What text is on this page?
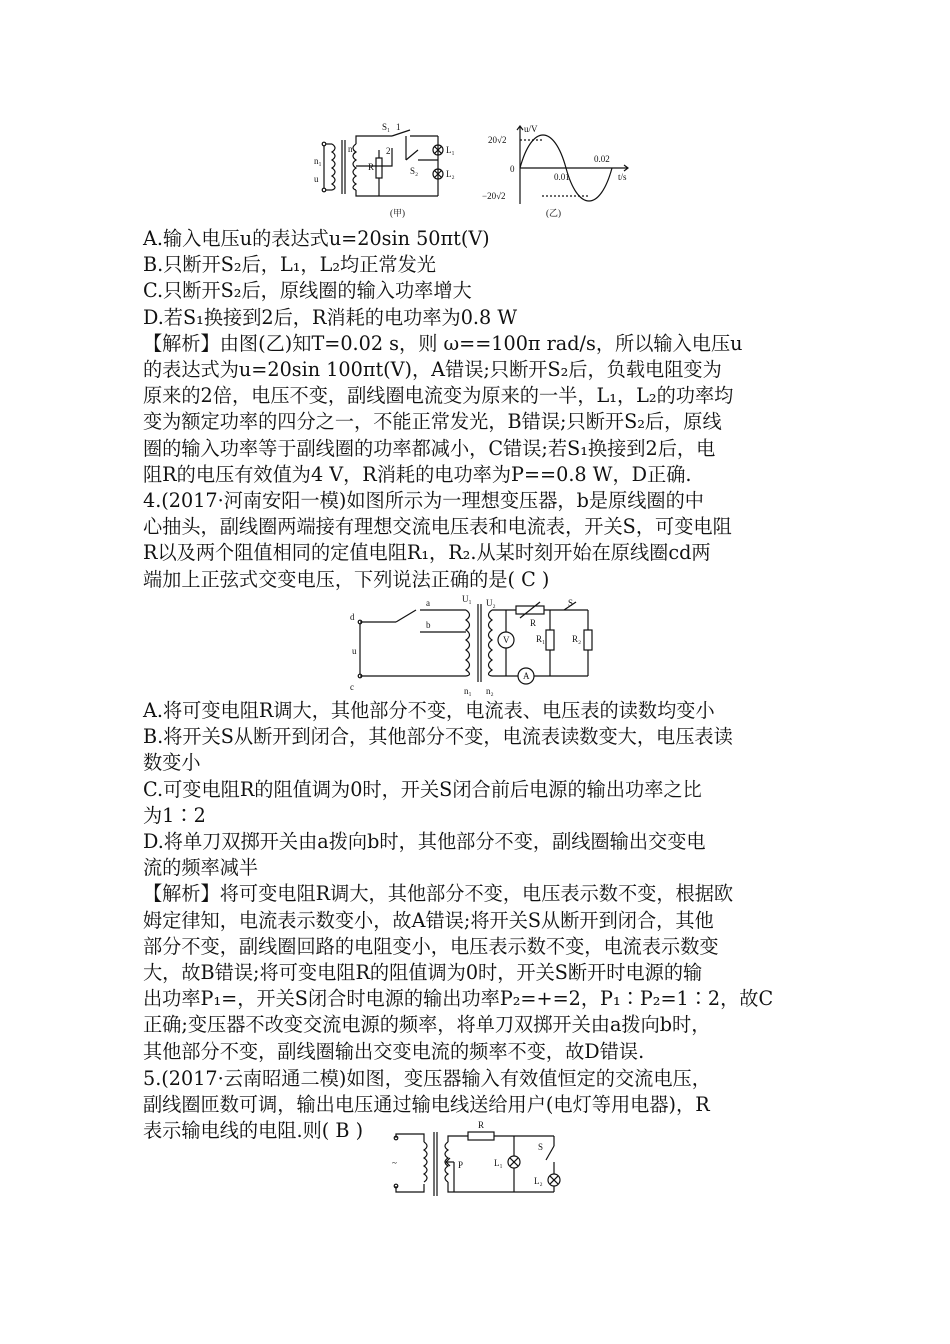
n₁
u
n₂
S₁ 1
2
R	S₂
L₁
L₂
u/V
t/s
20√2
−20√2
0
0.01
0.02
(甲)	(乙)

A.输入电压u的表达式u=20sin 50πt(V)

B.只断开S₂后，L₁，L₂均正常发光

C.只断开S₂后，原线圈的输入功率增大

D.若S₁换接到2后，R消耗的电功率为0.8 W

【解析】由图(乙)知T=0.02 s，则 ω==100π rad/s，所以输入电压u

的表达式为u=20sin 100πt(V)，A错误;只断开S₂后，负载电阻变为

原来的2倍，电压不变，副线圈电流变为原来的一半，L₁，L₂的功率均

变为额定功率的四分之一，不能正常发光，B错误;只断开S₂后，原线

圈的输入功率等于副线圈的功率都减小，C错误;若S₁换接到2后，电

阻R的电压有效值为4 V，R消耗的电功率为P==0.8 W，D正确.

4.(2017·河南安阳一模)如图所示为一理想变压器，b是原线圈的中

心抽头，副线圈两端接有理想交流电压表和电流表，开关S，可变电阻

R以及两个阻值相同的定值电阻R₁，R₂.从某时刻开始在原线圈cd两

端加上正弦式交变电压，下列说法正确的是( C )

d
u
c
a
b
U₁ U₂
R
S
V
A
R₁	R₂
n₁ n₂

A.将可变电阻R调大，其他部分不变，电流表、电压表的读数均变小

B.将开关S从断开到闭合，其他部分不变，电流表读数变大，电压表读

数变小

C.可变电阻R的阻值调为0时，开关S闭合前后电源的输出功率之比

为1∶2

D.将单刀双掷开关由a拨向b时，其他部分不变，副线圈输出交变电

流的频率减半

【解析】将可变电阻R调大，其他部分不变，电压表示数不变，根据欧

姆定律知，电流表示数变小，故A错误;将开关S从断开到闭合，其他

部分不变，副线圈回路的电阻变小，电压表示数不变，电流表示数变

大，故B错误;将可变电阻R的阻值调为0时，开关S断开时电源的输

出功率P₁=，开关S闭合时电源的输出功率P₂=+=2，P₁∶P₂=1∶2，故C

正确;变压器不改变交流电源的频率，将单刀双掷开关由a拨向b时，

其他部分不变，副线圈输出交变电流的频率不变，故D错误.

5.(2017·云南昭通二模)如图，变压器输入有效值恒定的交流电压，

副线圈匝数可调，输出电压通过输电线送给用户(电灯等用电器)，R

表示输电线的电阻.则( B )	R
~	P	L₁
S
L₂
